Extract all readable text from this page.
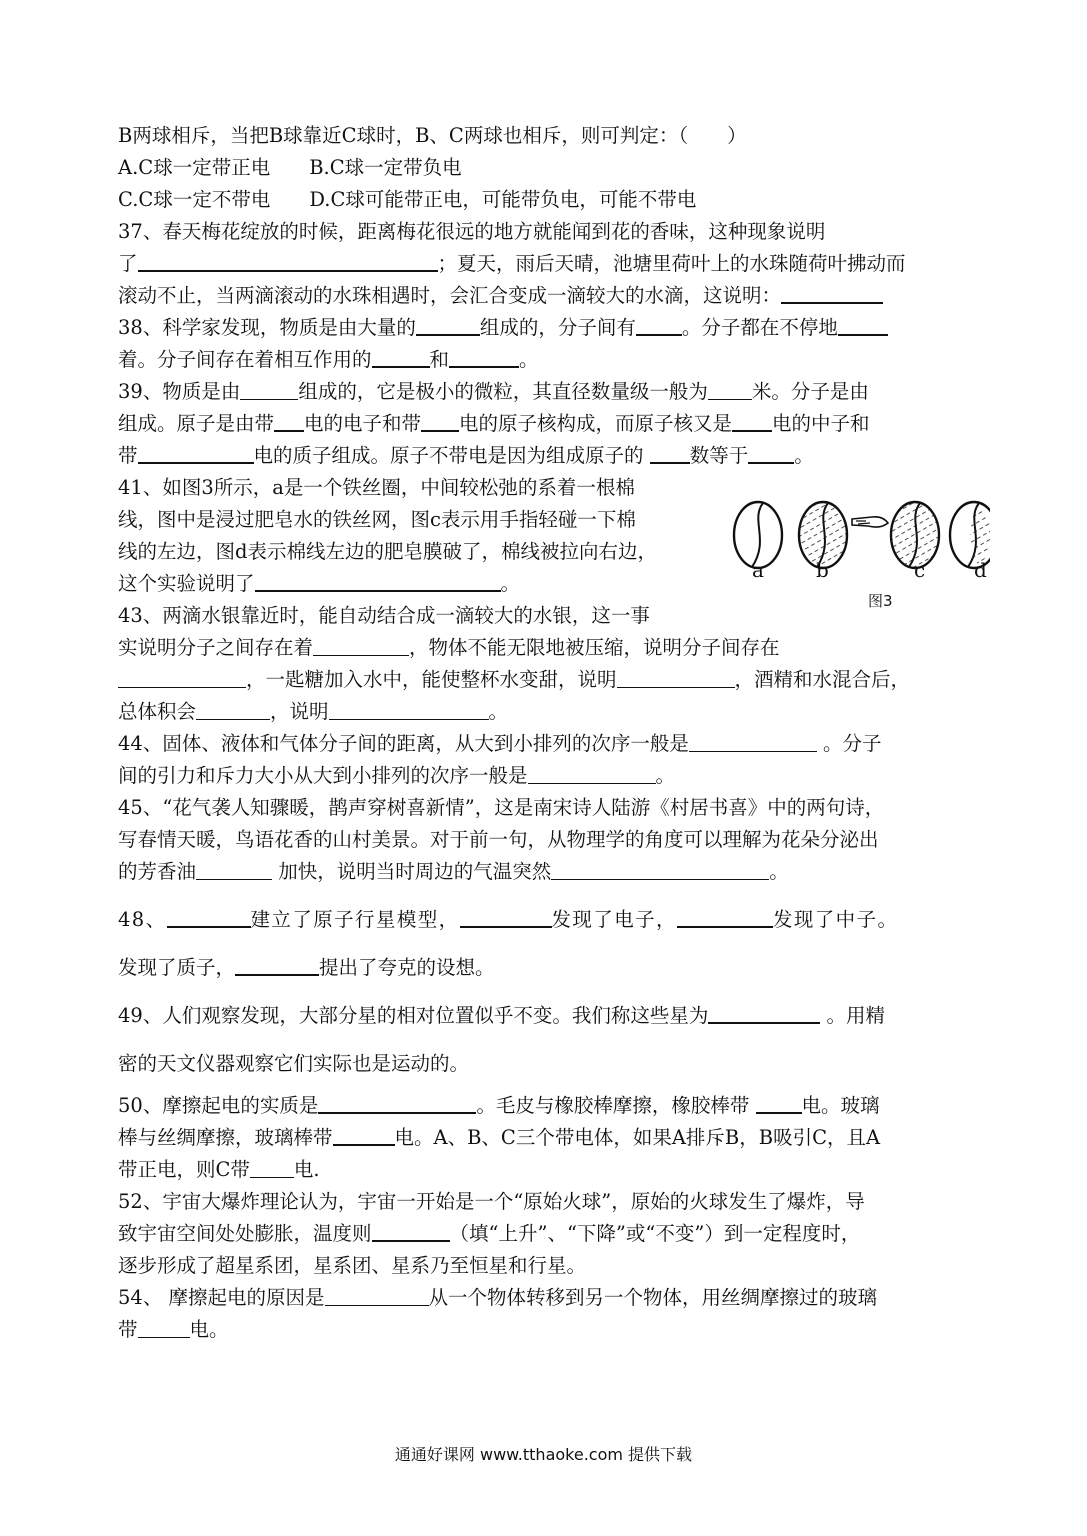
B两球相斥，当把B球靠近C球时，B、C两球也相斥，则可判定：（　　）
A.C球一定带正电　　B.C球一定带负电
C.C球一定不带电　　D.C球可能带正电，可能带负电，可能不带电
37、春天梅花绽放的时候，距离梅花很远的地方就能闻到花的香味，这种现象说明
了	；夏天，雨后天晴，池塘里荷叶上的水珠随荷叶拂动而
滚动不止，当两滴滚动的水珠相遇时，会汇合变成一滴较大的水滴，这说明：
38、科学家发现，物质是由大量的	组成的，分子间有 。分子都在不停地
着。分子间存在着相互作用的	和	。
39、物质是由	组成的，它是极小的微粒，其直径数量级一般为 米。分子是由
组成。原子是由带 电的电子和带 电的原子核构成，而原子核又是 电的中子和
带	电的质子组成。原子不带电是因为组成原子的 数等于 。
41、如图3所示，a是一个铁丝圈，中间较松弛的系着一根棉
线，图中是浸过肥皂水的铁丝网，图c表示用手指轻碰一下棉
线的左边，图d表示棉线左边的肥皂膜破了，棉线被拉向右边，
这个实验说明了	。
43、两滴水银靠近时，能自动结合成一滴较大的水银，这一事
实说明分子之间存在着	，物体不能无限地被压缩，说明分子间存在
，一匙糖加入水中，能使整杯水变甜，说明	，酒精和水混合后，
总体积会	，说明	。
44、固体、液体和气体分子间的距离，从大到小排列的次序一般是	。分子
间的引力和斥力大小从大到小排列的次序一般是	。
45、“花气袭人知骤暖，鹊声穿树喜新情”，这是南宋诗人陆游《村居书喜》中的两句诗，
写春情天暖，鸟语花香的山村美景。对于前一句，从物理学的角度可以理解为花朵分泌出
的芳香油	加快，说明当时周边的气温突然	。
48、	建立了原子行星模型，	发现了电子，	发现了中子。
发现了质子，	提出了夸克的设想。
49、人们观察发现，大部分星的相对位置似乎不变。我们称这些星为	。用精
密的天文仪器观察它们实际也是运动的。
50、摩擦起电的实质是	。毛皮与橡胶棒摩擦，橡胶棒带	电。玻璃
棒与丝绸摩擦，玻璃棒带	电。A、B、C三个带电体，如果A排斥B，B吸引C，且A
带正电，则C带 电.
52、宇宙大爆炸理论认为，宇宙一开始是一个“原始火球”，原始的火球发生了爆炸，导
致宇宙空间处处膨胀，温度则	（填“上升”、“下降”或“不变”）到一定程度时，
逐步形成了超星系团，星系团、星系乃至恒星和行星。
54、 摩擦起电的原因是	从一个物体转移到另一个物体，用丝绸摩擦过的玻璃
带	电。
a	b	c d
图3
通通好课网 www.tthaoke.com 提供下载
